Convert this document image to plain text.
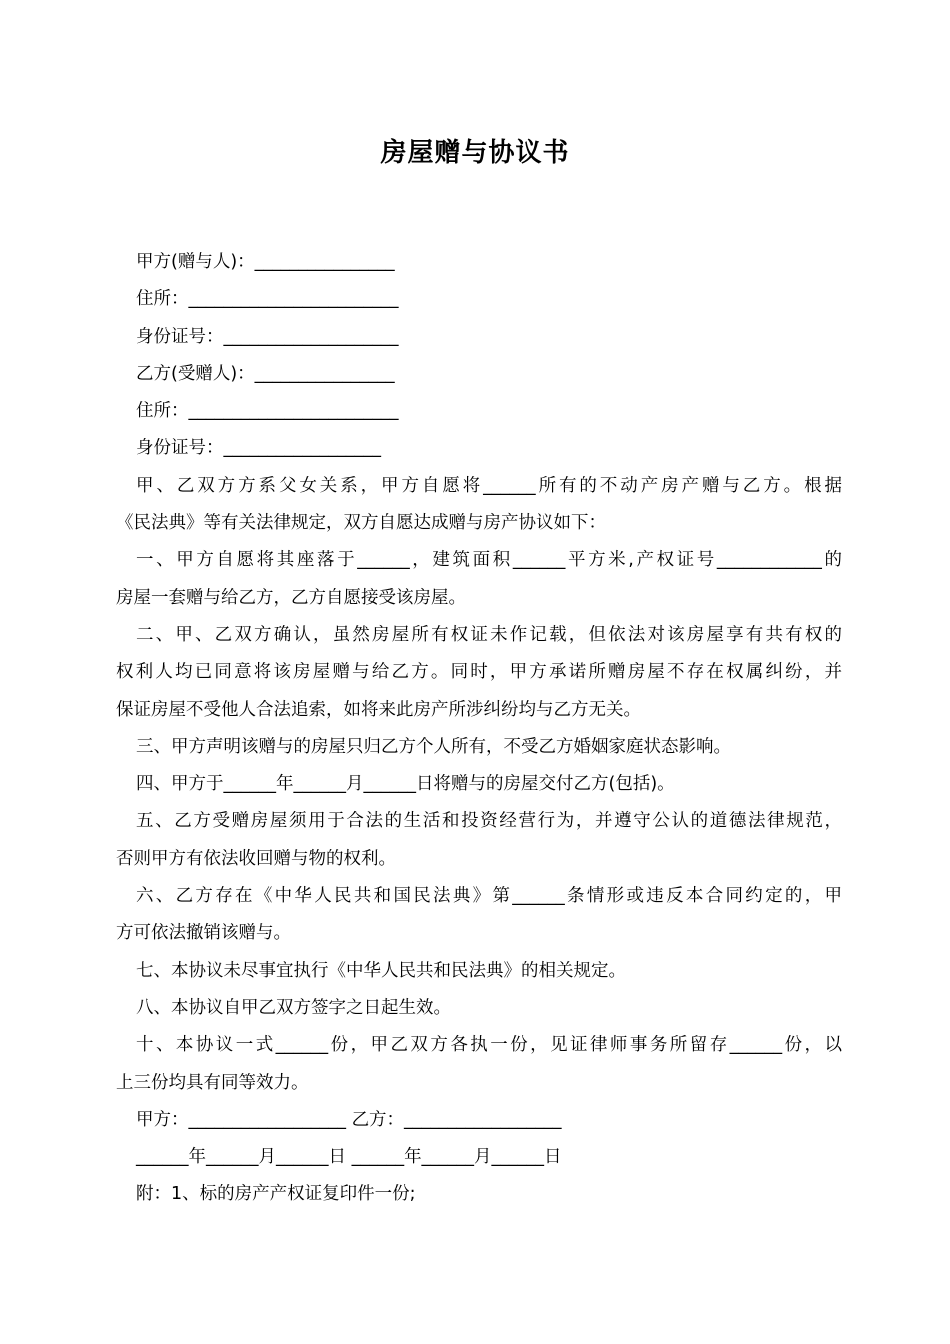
房屋赠与协议书
甲方(赠与人)：________________
住所：________________________
身份证号：____________________
乙方(受赠人)：________________
住所：________________________
身份证号：__________________
甲、乙双方方系父女关系，甲方自愿将______所有的不动产房产赠与乙方。根据
《民法典》等有关法律规定，双方自愿达成赠与房产协议如下：
一、甲方自愿将其座落于______，建筑面积______平方米,产权证号____________的
房屋一套赠与给乙方，乙方自愿接受该房屋。
二、甲、乙双方确认，虽然房屋所有权证未作记载，但依法对该房屋享有共有权的
权利人均已同意将该房屋赠与给乙方。同时，甲方承诺所赠房屋不存在权属纠纷，并
保证房屋不受他人合法追索，如将来此房产所涉纠纷均与乙方无关。
三、甲方声明该赠与的房屋只归乙方个人所有，不受乙方婚姻家庭状态影响。
四、甲方于______年______月______日将赠与的房屋交付乙方(包括)。
五、乙方受赠房屋须用于合法的生活和投资经营行为，并遵守公认的道德法律规范，
否则甲方有依法收回赠与物的权利。
六、乙方存在《中华人民共和国民法典》第______条情形或违反本合同约定的，甲
方可依法撤销该赠与。
七、本协议未尽事宜执行《中华人民共和民法典》的相关规定。
八、本协议自甲乙双方签字之日起生效。
十、本协议一式______份，甲乙双方各执一份，见证律师事务所留存______份，以
上三份均具有同等效力。
甲方：__________________ 乙方：__________________
______年______月______日 ______年______月______日
附：1、标的房产产权证复印件一份;
